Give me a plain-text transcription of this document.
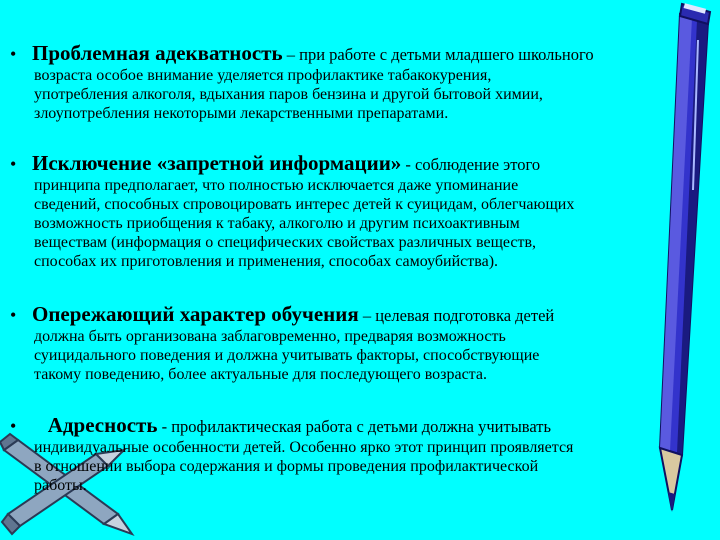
• Проблемная адекватность – при работе с детьми младшего школьного
возраста особое внимание уделяется профилактике табакокурения,
употребления алкоголя, вдыхания паров бензина и другой бытовой химии,
злоупотребления некоторыми лекарственными препаратами.
• Исключение «запретной информации» - соблюдение этого
принципа предполагает, что полностью исключается даже упоминание
сведений, способных спровоцировать интерес детей к суицидам, облегчающих
возможность приобщения к табаку, алкоголю и другим психоактивным
веществам (информация о специфических свойствах различных веществ,
способах их приготовления и применения, способах самоубийства).
• Опережающий характер обучения – целевая подготовка детей
должна быть организована заблаговременно, предваряя возможность
суицидального поведения и должна учитывать факторы, способствующие
такому поведению, более актуальные для последующего возраста.
•   Адресность - профилактическая работа с детьми должна учитывать
индивидуальные особенности детей. Особенно ярко этот принцип проявляется
в отношении выбора содержания и формы проведения профилактической
работы.
